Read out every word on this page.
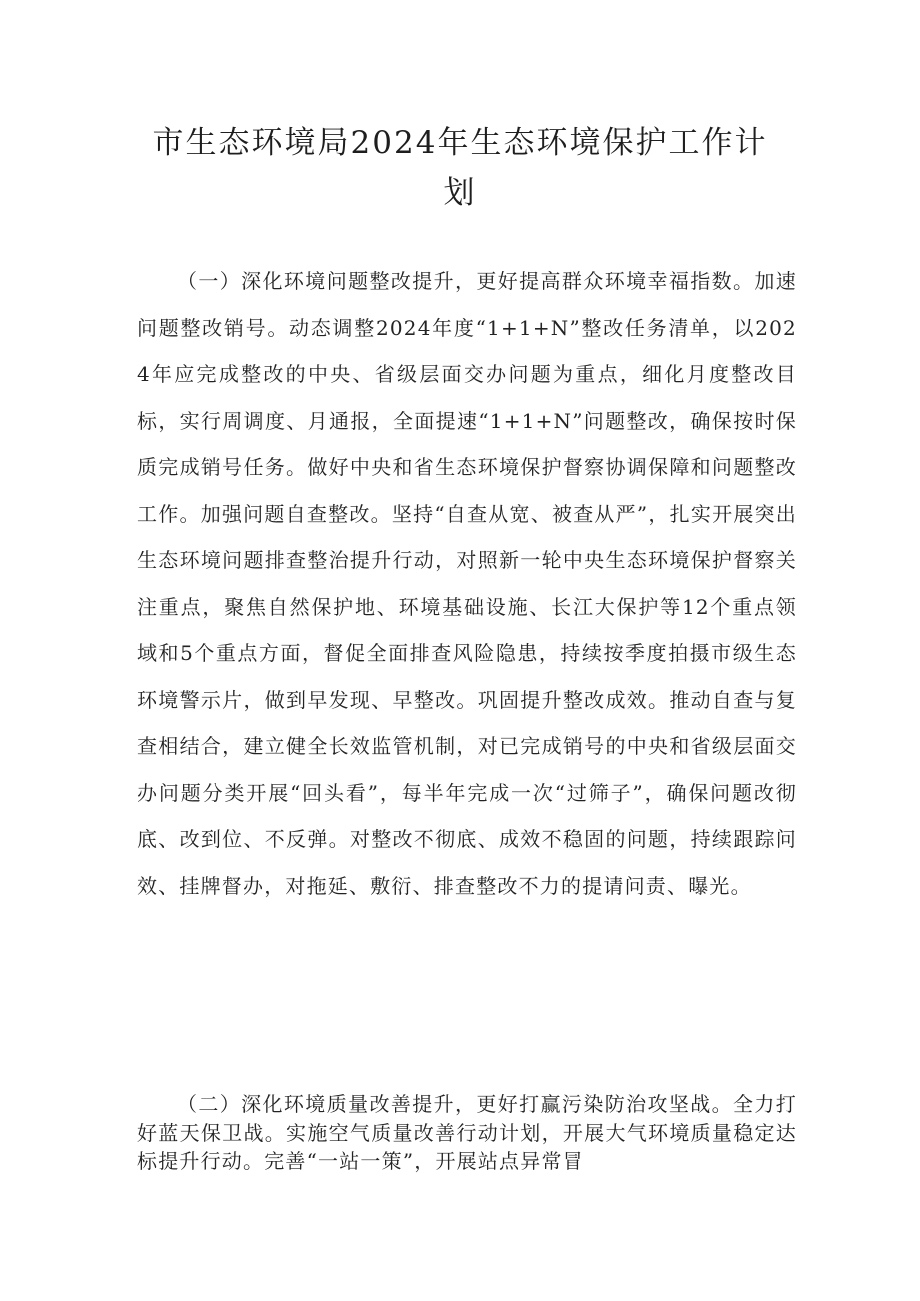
市生态环境局2024年生态环境保护工作计划

（一）深化环境问题整改提升，更好提高群众环境幸福指数。加速问题整改销号。动态调整2024年度“1+1+N”整改任务清单，以2024年应完成整改的中央、省级层面交办问题为重点，细化月度整改目标，实行周调度、月通报，全面提速“1+1+N”问题整改，确保按时保质完成销号任务。做好中央和省生态环境保护督察协调保障和问题整改工作。加强问题自查整改。坚持“自查从宽、被查从严”，扎实开展突出生态环境问题排查整治提升行动，对照新一轮中央生态环境保护督察关注重点，聚焦自然保护地、环境基础设施、长江大保护等12个重点领域和5个重点方面，督促全面排查风险隐患，持续按季度拍摄市级生态环境警示片，做到早发现、早整改。巩固提升整改成效。推动自查与复查相结合，建立健全长效监管机制，对已完成销号的中央和省级层面交办问题分类开展“回头看”，每半年完成一次“过筛子”，确保问题改彻底、改到位、不反弹。对整改不彻底、成效不稳固的问题，持续跟踪问效、挂牌督办，对拖延、敷衍、排查整改不力的提请问责、曝光。

（二）深化环境质量改善提升，更好打赢污染防治攻坚战。全力打好蓝天保卫战。实施空气质量改善行动计划，开展大气环境质量稳定达标提升行动。完善“一站一策”，开展站点异常冒
